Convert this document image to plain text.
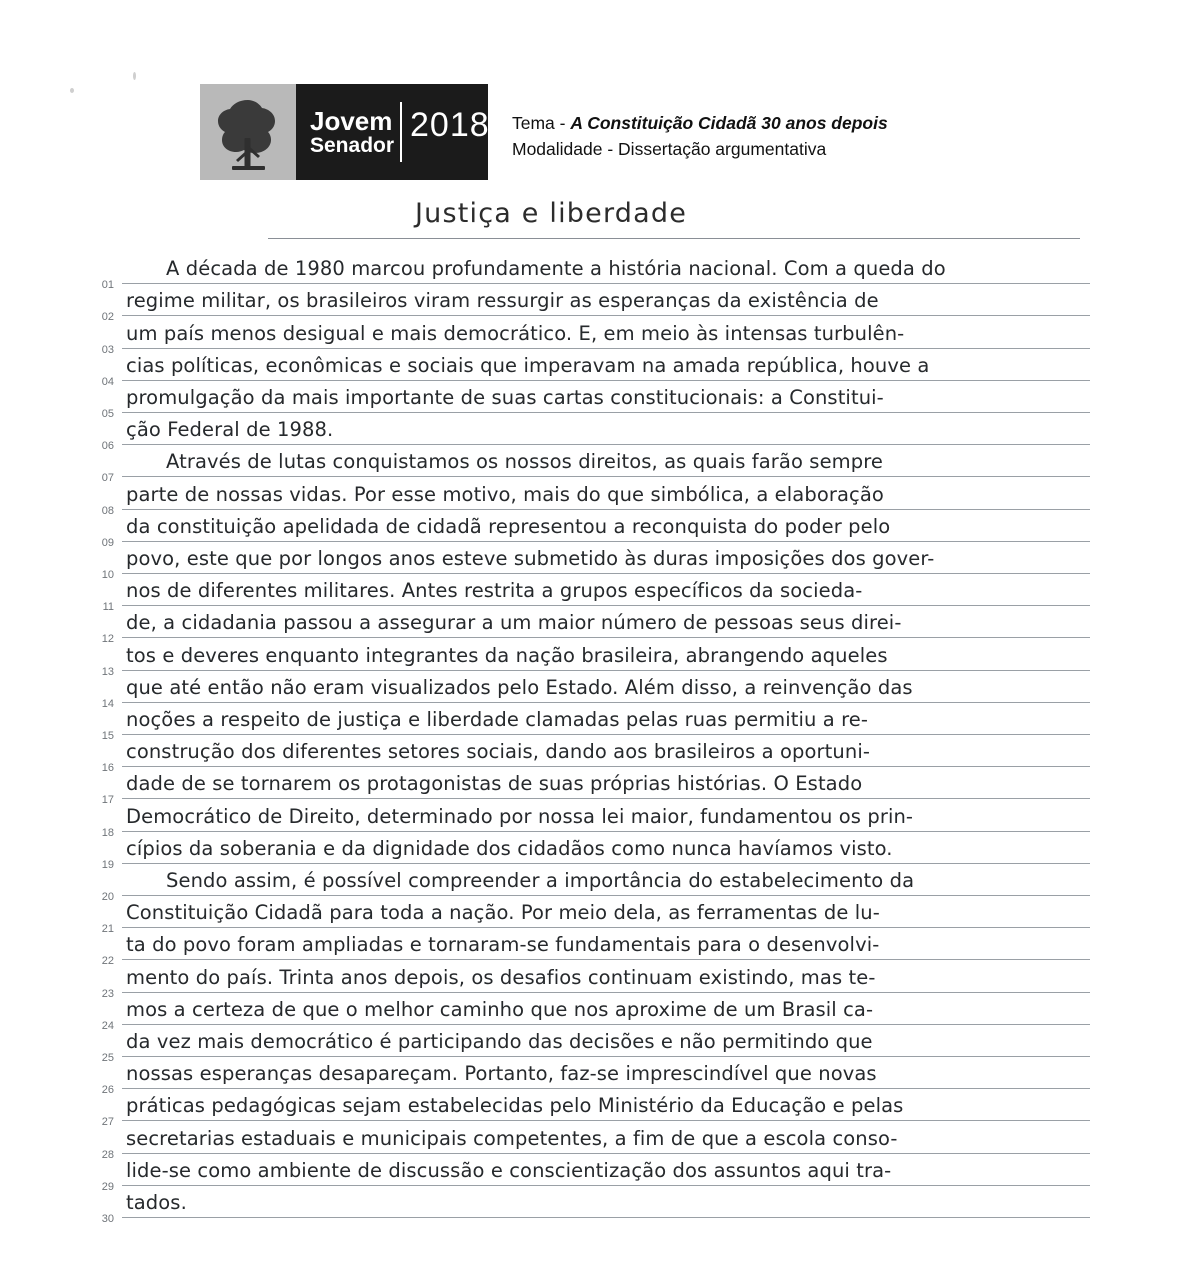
Jovem
Senador
2018 Tema - A Constituição Cidadã 30 anos depois
Modalidade - Dissertação argumentativa
Justiça e liberdade
01
A década de 1980 marcou profundamente a história nacional. Com a queda do
02
regime militar, os brasileiros viram ressurgir as esperanças da existência de
03
um país menos desigual e mais democrático. E, em meio às intensas turbulên-
04
cias políticas, econômicas e sociais que imperavam na amada república, houve a
05
promulgação da mais importante de suas cartas constitucionais: a Constitui-
06
ção Federal de 1988.
07
Através de lutas conquistamos os nossos direitos, as quais farão sempre
08
parte de nossas vidas. Por esse motivo, mais do que simbólica, a elaboração
09
da constituição apelidada de cidadã representou a reconquista do poder pelo
10
povo, este que por longos anos esteve submetido às duras imposições dos gover-
11
nos de diferentes militares. Antes restrita a grupos específicos da socieda-
12
de, a cidadania passou a assegurar a um maior número de pessoas seus direi-
13
tos e deveres enquanto integrantes da nação brasileira, abrangendo aqueles
14
que até então não eram visualizados pelo Estado. Além disso, a reinvenção das
15
noções a respeito de justiça e liberdade clamadas pelas ruas permitiu a re-
16
construção dos diferentes setores sociais, dando aos brasileiros a oportuni-
17
dade de se tornarem os protagonistas de suas próprias histórias. O Estado
18
Democrático de Direito, determinado por nossa lei maior, fundamentou os prin-
19
cípios da soberania e da dignidade dos cidadãos como nunca havíamos visto.
20
Sendo assim, é possível compreender a importância do estabelecimento da
21
Constituição Cidadã para toda a nação. Por meio dela, as ferramentas de lu-
22
ta do povo foram ampliadas e tornaram-se fundamentais para o desenvolvi-
23
mento do país. Trinta anos depois, os desafios continuam existindo, mas te-
24
mos a certeza de que o melhor caminho que nos aproxime de um Brasil ca-
25
da vez mais democrático é participando das decisões e não permitindo que
26
nossas esperanças desapareçam. Portanto, faz-se imprescindível que novas
27
práticas pedagógicas sejam estabelecidas pelo Ministério da Educação e pelas
28
secretarias estaduais e municipais competentes, a fim de que a escola conso-
29
lide-se como ambiente de discussão e conscientização dos assuntos aqui tra-
30
tados.
